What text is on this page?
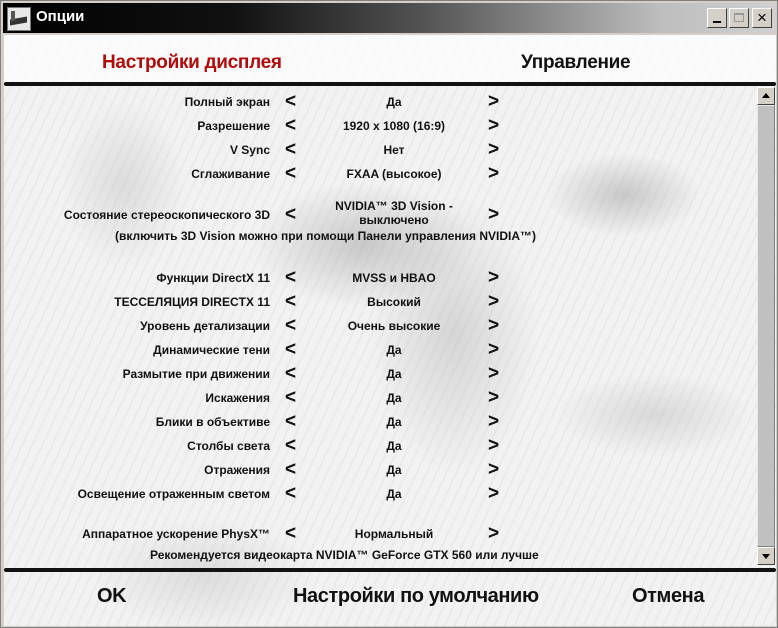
Опции	×
Настройки дисплея	Управление
Полный экран <	Да	>
Разрешение <	1920 x 1080 (16:9)	>
V Sync <	Нет	>
Сглаживание <	FXAA (высокое)	>
Состояние стереоскопического 3D <	NVIDIA™ 3D Vision -
выключено	>
(включить 3D Vision можно при помощи Панели управления NVIDIA™)
Функции DirectX 11 <	MVSS и HBAO	>
ТЕССЕЛЯЦИЯ DIRECTX 11 <	Высокий	>
Уровень детализации <	Очень высокие	>
Динамические тени <	Да	>
Размытие при движении <	Да	>
Искажения <	Да	>
Блики в объективе <	Да	>
Столбы света <	Да	>
Отражения <	Да	>
Освещение отраженным светом <	Да	>
Аппаратное ускорение PhysX™ <	Нормальный	>
Рекомендуется видеокарта NVIDIA™ GeForce GTX 560 или лучше
OK	Настройки по умолчанию	Отмена
